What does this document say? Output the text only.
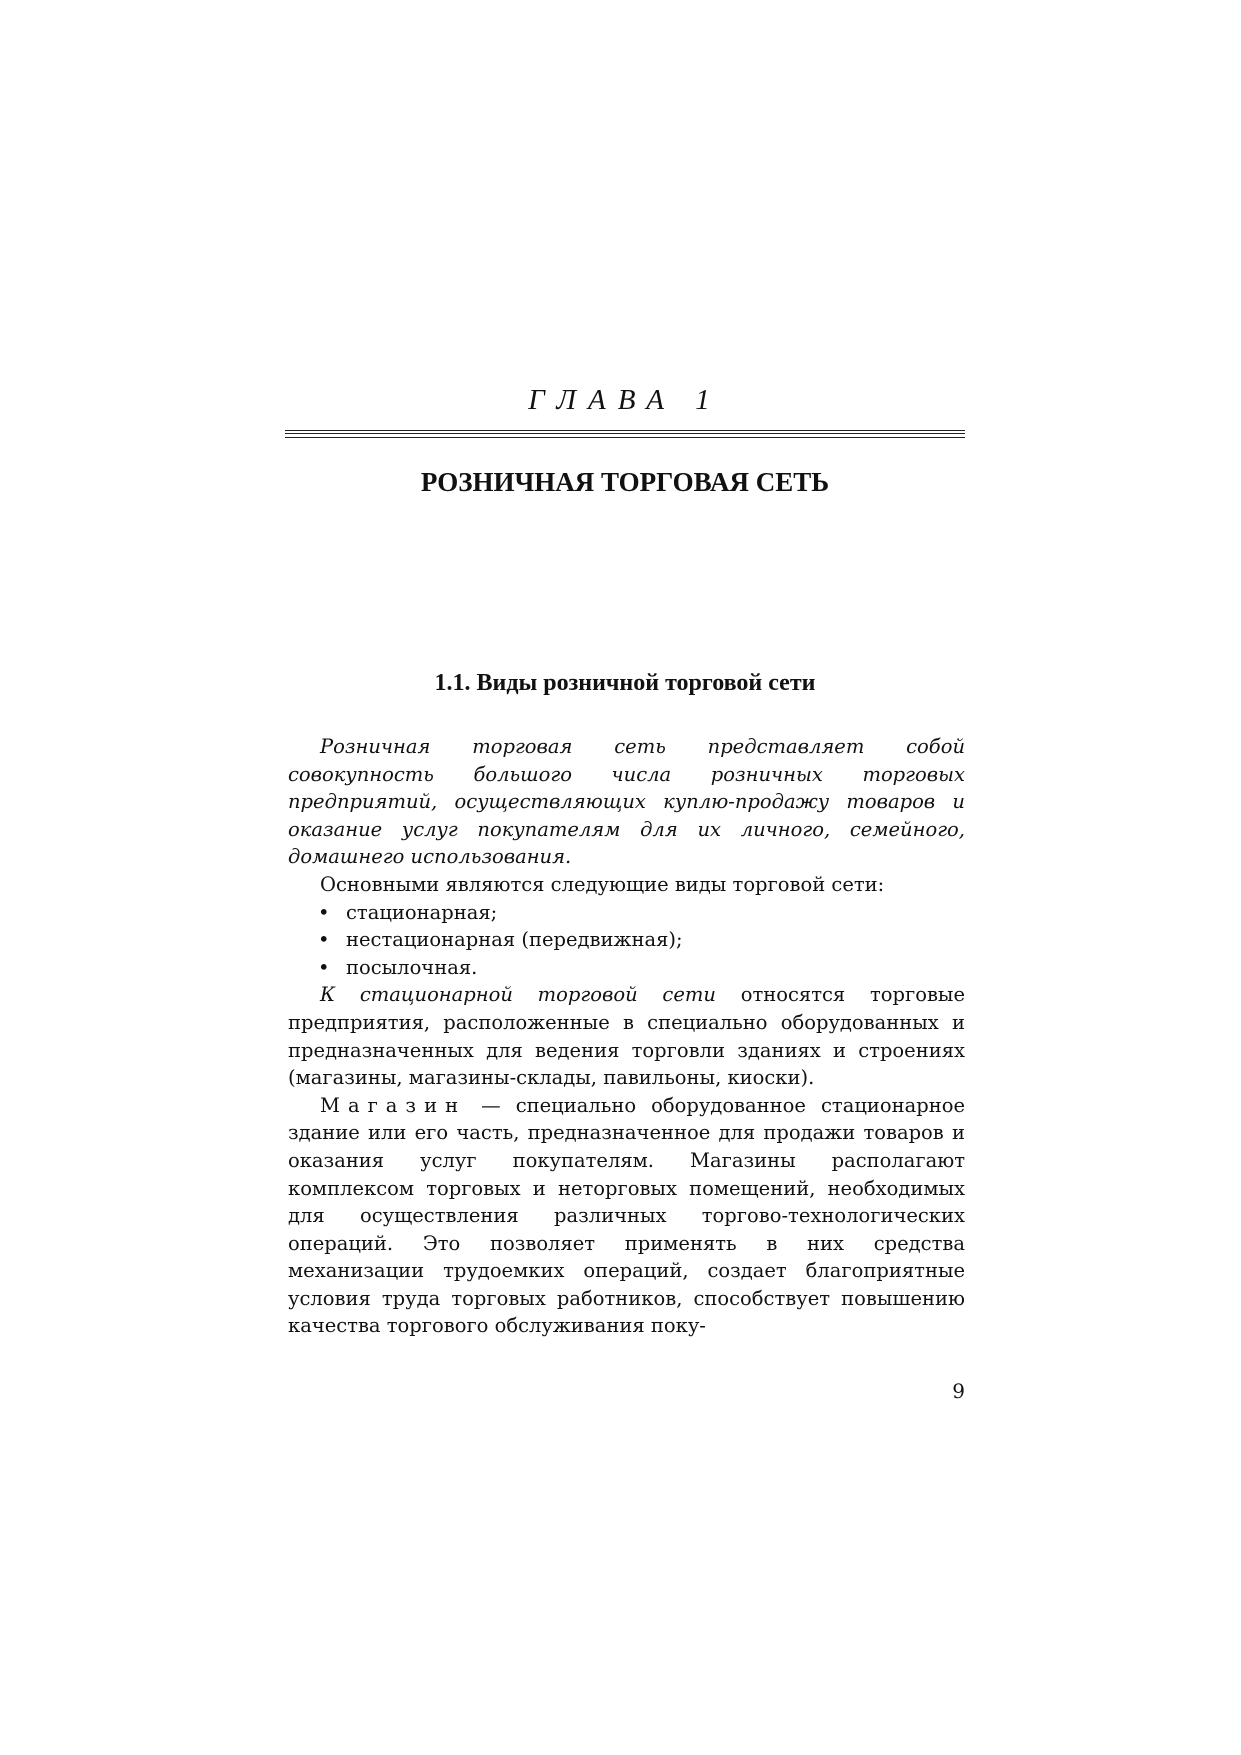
ГЛАВА 1
РОЗНИЧНАЯ ТОРГОВАЯ СЕТЬ
1.1. Виды розничной торговой сети

Розничная торговая сеть представляет собой совокупность большого числа розничных торговых предприятий, осуществляющих куплю-продажу товаров и оказание услуг покупателям для их личного, семейного, домашнего использования.

Основными являются следующие виды торговой сети:

• стационарная;
• нестационарная (передвижная);
• посылочная.

К стационарной торговой сети относятся торговые предприятия, расположенные в специально оборудованных и предназначенных для ведения торговли зданиях и строениях (магазины, магазины-склады, павильоны, киоски).

Магазин — специально оборудованное стационарное здание или его часть, предназначенное для продажи товаров и оказания услуг покупателям. Магазины располагают комплексом торговых и неторговых помещений, необходимых для осуществления различных торгово-технологических операций. Это позволяет применять в них средства механизации трудоемких операций, создает благоприятные условия труда торговых работников, способствует повышению качества торгового обслуживания поку-

9
